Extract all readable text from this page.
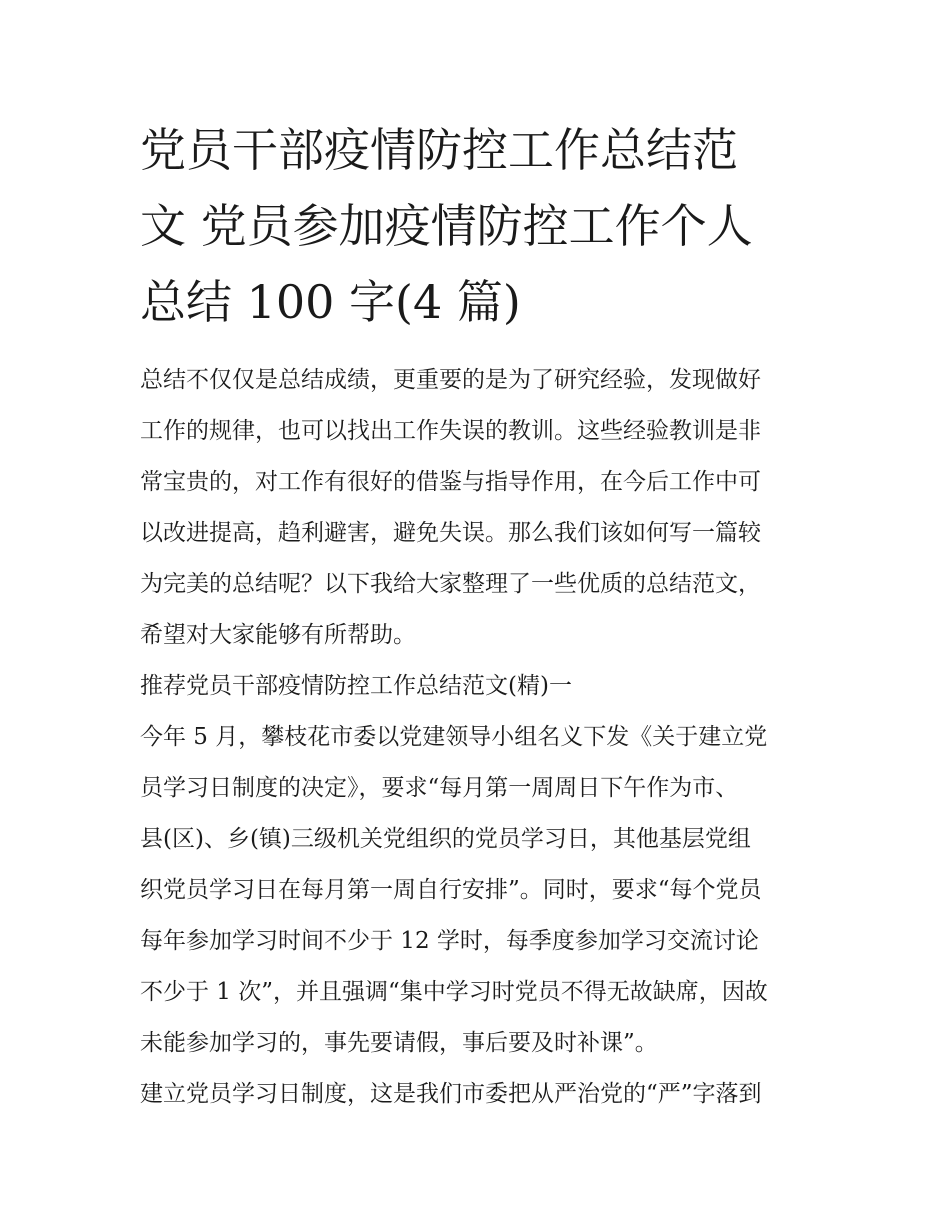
党员干部疫情防控工作总结范
文 党员参加疫情防控工作个人
总结 100 字(4 篇)
总结不仅仅是总结成绩，更重要的是为了研究经验，发现做好
工作的规律，也可以找出工作失误的教训。这些经验教训是非
常宝贵的，对工作有很好的借鉴与指导作用，在今后工作中可
以改进提高，趋利避害，避免失误。那么我们该如何写一篇较
为完美的总结呢？以下我给大家整理了一些优质的总结范文，
希望对大家能够有所帮助。
推荐党员干部疫情防控工作总结范文(精)一
今年 5 月，攀枝花市委以党建领导小组名义下发《关于建立党
员学习日制度的决定》，要求“每月第一周周日下午作为市、
县(区)、乡(镇)三级机关党组织的党员学习日，其他基层党组
织党员学习日在每月第一周自行安排”。同时，要求“每个党员
每年参加学习时间不少于 12 学时，每季度参加学习交流讨论
不少于 1 次”，并且强调“集中学习时党员不得无故缺席，因故
未能参加学习的，事先要请假，事后要及时补课”。
建立党员学习日制度，这是我们市委把从严治党的“严”字落到
